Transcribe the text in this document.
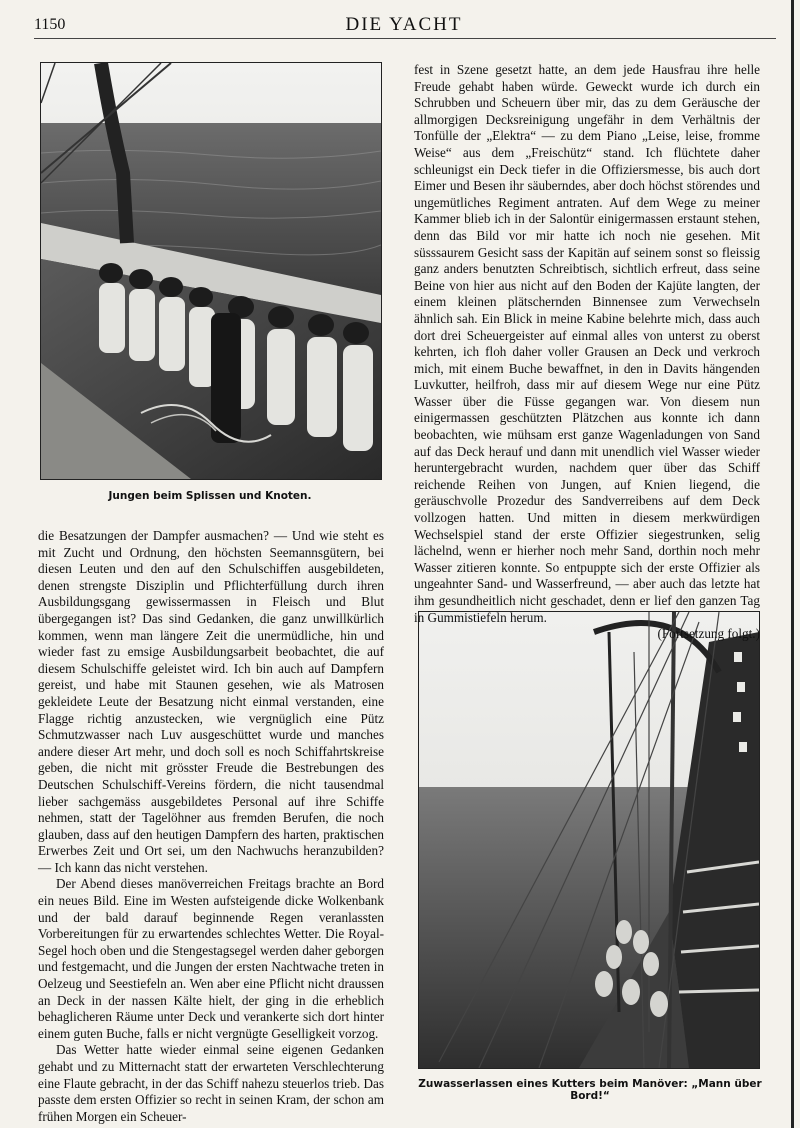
1150	DIE YACHT
Jungen beim Splissen und Knoten.
Zuwasserlassen eines Kutters beim Manöver: „Mann über Bord!“

die Besatzungen der Dampfer ausmachen? — Und wie steht es mit Zucht und Ordnung, den höchsten Seemannsgütern, bei diesen Leuten und den auf den Schulschiffen ausgebildeten, denen strengste Disziplin und Pflichterfüllung durch ihren Ausbildungsgang gewissermassen in Fleisch und Blut übergegangen ist? Das sind Gedanken, die ganz unwillkürlich kommen, wenn man längere Zeit die unermüdliche, hin und wieder fast zu emsige Ausbildungsarbeit beobachtet, die auf diesem Schulschiffe geleistet wird. Ich bin auch auf Dampfern gereist, und habe mit Staunen gesehen, wie als Matrosen gekleidete Leute der Besatzung nicht einmal verstanden, eine Flagge richtig anzustecken, wie vergnüglich eine Pütz Schmutzwasser nach Luv ausgeschüttet wurde und manches andere dieser Art mehr, und doch soll es noch Schiffahrtskreise geben, die nicht mit grösster Freude die Bestrebungen des Deutschen Schulschiff-Vereins fördern, die nicht tausendmal lieber sachgemäss ausgebildetes Personal auf ihre Schiffe nehmen, statt der Tagelöhner aus fremden Berufen, die noch glauben, dass auf den heutigen Dampfern des harten, praktischen Erwerbes Zeit und Ort sei, um den Nachwuchs heranzubilden? — Ich kann das nicht verstehen.

Der Abend dieses manöverreichen Freitags brachte an Bord ein neues Bild. Eine im Westen aufsteigende dicke Wolkenbank und der bald darauf beginnende Regen veranlassten Vorbereitungen für zu erwartendes schlechtes Wetter. Die Royal-Segel hoch oben und die Stengestagsegel werden daher geborgen und festgemacht, und die Jungen der ersten Nachtwache treten in Oelzeug und Seestiefeln an. Wen aber eine Pflicht nicht draussen an Deck in der nassen Kälte hielt, der ging in die erheblich behaglicheren Räume unter Deck und verankerte sich dort hinter einem guten Buche, falls er nicht vergnügte Geselligkeit vorzog.

Das Wetter hatte wieder einmal seine eigenen Gedanken gehabt und zu Mitternacht statt der erwarteten Verschlechterung eine Flaute gebracht, in der das Schiff nahezu steuerlos trieb. Das passte dem ersten Offizier so recht in seinen Kram, der schon am frühen Morgen ein Scheuer-

fest in Szene gesetzt hatte, an dem jede Hausfrau ihre helle Freude gehabt haben würde. Geweckt wurde ich durch ein Schrubben und Scheuern über mir, das zu dem Geräusche der allmorgigen Decksreinigung ungefähr in dem Verhältnis der Tonfülle der „Elektra“ — zu dem Piano „Leise, leise, fromme Weise“ aus dem „Freischütz“ stand. Ich flüchtete daher schleunigst ein Deck tiefer in die Offiziersmesse, bis auch dort Eimer und Besen ihr säuberndes, aber doch höchst störendes und ungemütliches Regiment antraten. Auf dem Wege zu meiner Kammer blieb ich in der Salontür einigermassen erstaunt stehen, denn das Bild vor mir hatte ich noch nie gesehen. Mit süsssaurem Gesicht sass der Kapitän auf seinem sonst so fleissig ganz anders benutzten Schreibtisch, sichtlich erfreut, dass seine Beine von hier aus nicht auf den Boden der Kajüte langten, der einem kleinen plätschernden Binnensee zum Verwechseln ähnlich sah. Ein Blick in meine Kabine belehrte mich, dass auch dort drei Scheuergeister auf einmal alles von unterst zu oberst kehrten, ich floh daher voller Grausen an Deck und verkroch mich, mit einem Buche bewaffnet, in den in Davits hängenden Luvkutter, heilfroh, dass mir auf diesem Wege nur eine Pütz Wasser über die Füsse gegangen war. Von diesem nun einigermassen geschützten Plätzchen aus konnte ich dann beobachten, wie mühsam erst ganze Wagenladungen von Sand auf das Deck herauf und dann mit unendlich viel Wasser wieder heruntergebracht wurden, nachdem quer über das Schiff reichende Reihen von Jungen, auf Knien liegend, die geräuschvolle Prozedur des Sandverreibens auf dem Deck vollzogen hatten. Und mitten in diesem merkwürdigen Wechselspiel stand der erste Offizier siegestrunken, selig lächelnd, wenn er hierher noch mehr Sand, dorthin noch mehr Wasser zitieren konnte. So entpuppte sich der erste Offizier als ungeahnter Sand- und Wasserfreund, — aber auch das letzte hat ihm gesundheitlich nicht geschadet, denn er lief den ganzen Tag in Gummistiefeln herum.

(Fortsetzung folgt.)
